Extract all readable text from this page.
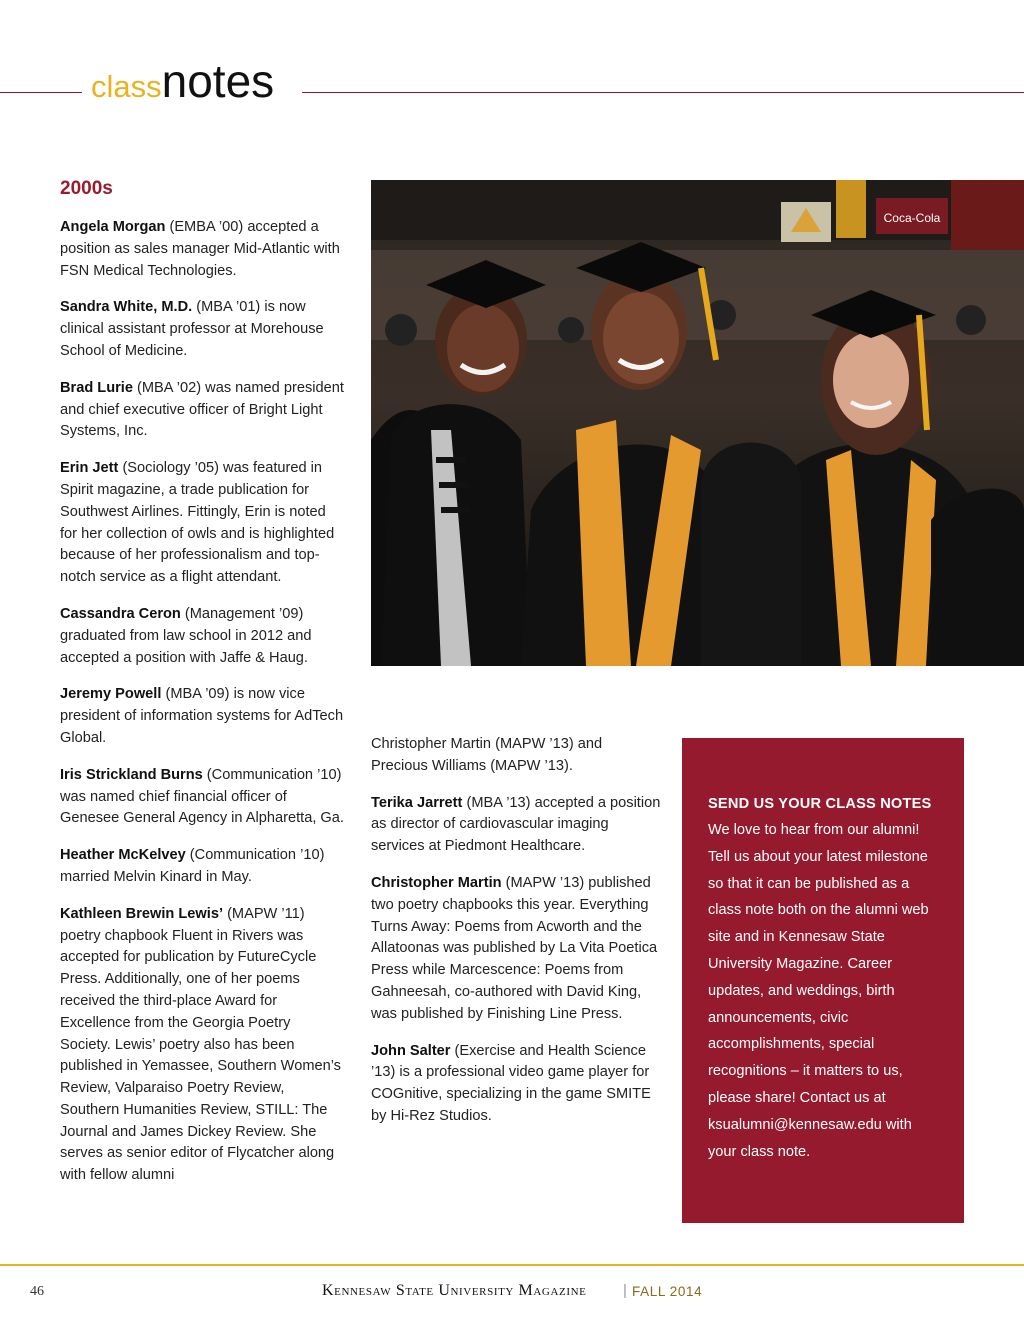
classnotes
2000s

Angela Morgan (EMBA ’00) accepted a position as sales manager Mid-Atlantic with FSN Medical Technologies.

Sandra White, M.D. (MBA ’01) is now clinical assistant professor at Morehouse School of Medicine.

Brad Lurie (MBA ’02) was named president and chief executive officer of Bright Light Systems, Inc.

Erin Jett (Sociology ’05) was featured in Spirit magazine, a trade publication for Southwest Airlines. Fittingly, Erin is noted for her collection of owls and is highlighted because of her professionalism and top-notch service as a flight attendant.

Cassandra Ceron (Management ’09) graduated from law school in 2012 and accepted a position with Jaffe & Haug.

Jeremy Powell (MBA ’09) is now vice president of information systems for AdTech Global.

Iris Strickland Burns (Communication ’10) was named chief financial officer of Genesee General Agency in Alpharetta, Ga.

Heather McKelvey (Communication ’10) married Melvin Kinard in May.

Kathleen Brewin Lewis’ (MAPW ’11) poetry chapbook Fluent in Rivers was accepted for publication by FutureCycle Press. Additionally, one of her poems received the third-place Award for Excellence from the Georgia Poetry Society. Lewis’ poetry also has been published in Yemassee, Southern Women’s Review, Valparaiso Poetry Review, Southern Humanities Review, STILL: The Journal and James Dickey Review. She serves as senior editor of Flycatcher along with fellow alumni

Coca-Cola

Christopher Martin (MAPW ’13) and Precious Williams (MAPW ’13).

Terika Jarrett (MBA ’13) accepted a position as director of cardiovascular imaging services at Piedmont Healthcare.

Christopher Martin (MAPW ’13) published two poetry chapbooks this year. Everything Turns Away: Poems from Acworth and the Allatoonas was published by La Vita Poetica Press while Marcescence: Poems from Gahneesah, co-authored with David King, was published by Finishing Line Press.

John Salter (Exercise and Health Science ’13) is a professional video game player for COGnitive, specializing in the game SMITE by Hi-Rez Studios.

SEND US YOUR CLASS NOTES
We love to hear from our alumni! Tell us about your latest milestone so that it can be published as a class note both on the alumni web site and in Kennesaw State University Magazine. Career updates, and weddings, birth announcements, civic accomplishments, special recognitions – it matters to us, please share! Contact us at ksualumni@kennesaw.edu with your class note.
46	Kennesaw State University Magazine | FALL 2014
